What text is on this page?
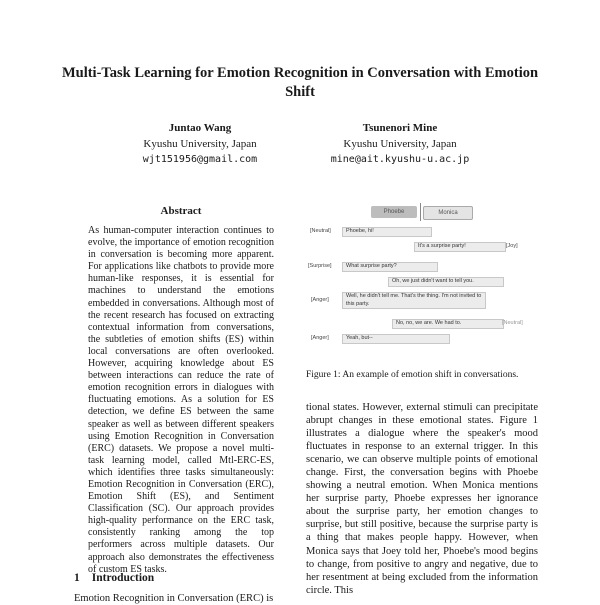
Multi-Task Learning for Emotion Recognition in Conversation with Emotion Shift
Juntao Wang
Kyushu University, Japan
wjt151956@gmail.com
Tsunenori Mine
Kyushu University, Japan
mine@ait.kyushu-u.ac.jp
Abstract
As human-computer interaction continues to evolve, the importance of emotion recognition in conversation is becoming more apparent. For applications like chatbots to provide more human-like responses, it is essential for machines to understand the emotions embedded in conversations. Although most of the recent research has focused on extracting contextual information from conversations, the subtleties of emotion shifts (ES) within local conversations are often overlooked. However, acquiring knowledge about ES between interactions can reduce the rate of emotion recognition errors in dialogues with fluctuating emotions. As a solution for ES detection, we define ES between the same speaker as well as between different speakers using Emotion Recognition in Conversation (ERC) datasets. We propose a novel multi-task learning model, called Mtl-ERC-ES, which identifies three tasks simultaneously: Emotion Recognition in Conversation (ERC), Emotion Shift (ES), and Sentiment Classification (SC). Our approach provides high-quality performance on the ERC task, consistently ranking among the top performers across multiple datasets. Our approach also demonstrates the effectiveness of custom ES tasks.
1 Introduction
Emotion Recognition in Conversation (ERC) is
Phoebe	Monica
[Neutral]	Phoebe, hi!
It's a surprise party!	[Joy]
[Surprise]	What surprise party?
Oh, we just didn't want to tell you.
[Anger]
Well, he didn't tell me. That's the thing. I'm not invited to this party.
No, no, we are. We had to.	[Neutral]
[Anger]	Yeah, but--
Figure 1: An example of emotion shift in conversations.
tional states. However, external stimuli can precipitate abrupt changes in these emotional states. Figure 1 illustrates a dialogue where the speaker's mood fluctuates in response to an external trigger. In this scenario, we can observe multiple points of emotional change. First, the conversation begins with Phoebe showing a neutral emotion. When Monica mentions her surprise party, Phoebe expresses her ignorance about the surprise party, her emotion changes to surprise, but still positive, because the surprise party is a thing that makes people happy. However, when Monica says that Joey told her, Phoebe's mood begins to change, from positive to angry and negative, due to her resentment at being excluded from the information circle. This
